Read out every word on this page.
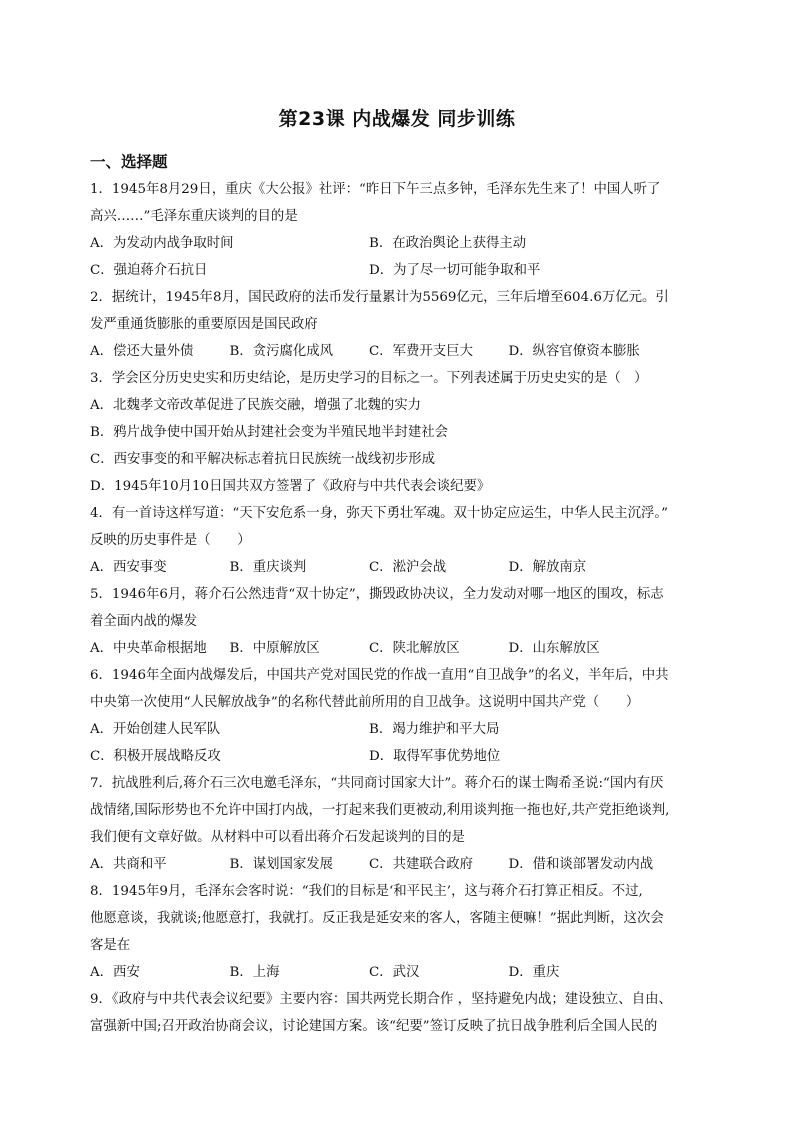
第23课 内战爆发 同步训练
一、选择题
1．1945年8月29日，重庆《大公报》社评：“昨日下午三点多钟，毛泽东先生来了！中国人听了
高兴……”毛泽东重庆谈判的目的是
A．为发动内战争取时间	B．在政治舆论上获得主动
C．强迫蒋介石抗日	D．为了尽一切可能争取和平
2．据统计，1945年8月，国民政府的法币发行量累计为5569亿元，三年后增至604.6万亿元。引
发严重通货膨胀的重要原因是国民政府
A．偿还大量外债	B．贪污腐化成风	C．军费开支巨大	D．纵容官僚资本膨胀
3．学会区分历史史实和历史结论，是历史学习的目标之一。下列表述属于历史史实的是（　）
A．北魏孝文帝改革促进了民族交融，增强了北魏的实力
B．鸦片战争使中国开始从封建社会变为半殖民地半封建社会
C．西安事变的和平解决标志着抗日民族统一战线初步形成
D．1945年10月10日国共双方签署了《政府与中共代表会谈纪要》
4．有一首诗这样写道：“天下安危系一身，弥天下勇壮军魂。双十协定应运生，中华人民主沉浮。”
反映的历史事件是（　　）
A．西安事变	B．重庆谈判	C．淞沪会战	D．解放南京
5．1946年6月，蒋介石公然违背“双十协定”，撕毁政协决议，全力发动对哪一地区的围攻，标志
着全面内战的爆发
A．中央革命根据地	B．中原解放区	C．陕北解放区	D．山东解放区
6．1946年全面内战爆发后，中国共产党对国民党的作战一直用“自卫战争”的名义，半年后，中共
中央第一次使用“人民解放战争”的名称代替此前所用的自卫战争。这说明中国共产党（　　）
A．开始创建人民军队	B．竭力维护和平大局
C．积极开展战略反攻	D．取得军事优势地位
7．抗战胜利后,蒋介石三次电邀毛泽东，“共同商讨国家大计”。蒋介石的谋士陶希圣说:“国内有厌
战情绪,国际形势也不允许中国打内战，一打起来我们更被动,利用谈判拖一拖也好,共产党拒绝谈判,
我们便有文章好做。从材料中可以看出蒋介石发起谈判的目的是
A．共商和平	B．谋划国家发展	C．共建联合政府	D．借和谈部署发动内战
8．1945年9月，毛泽东会客时说：“我们的目标是‘和平民主’，这与蒋介石打算正相反。不过,
他愿意谈，我就谈;他愿意打，我就打。反正我是延安来的客人，客随主便嘛！”据此判断，这次会
客是在
A．西安	B．上海	C．武汉	D．重庆
9．《政府与中共代表会议纪要》主要内容：国共两党长期合作 ，坚持避免内战；建设独立、自由、
富强新中国;召开政治协商会议，讨论建国方案。该“纪要”签订反映了抗日战争胜利后全国人民的
